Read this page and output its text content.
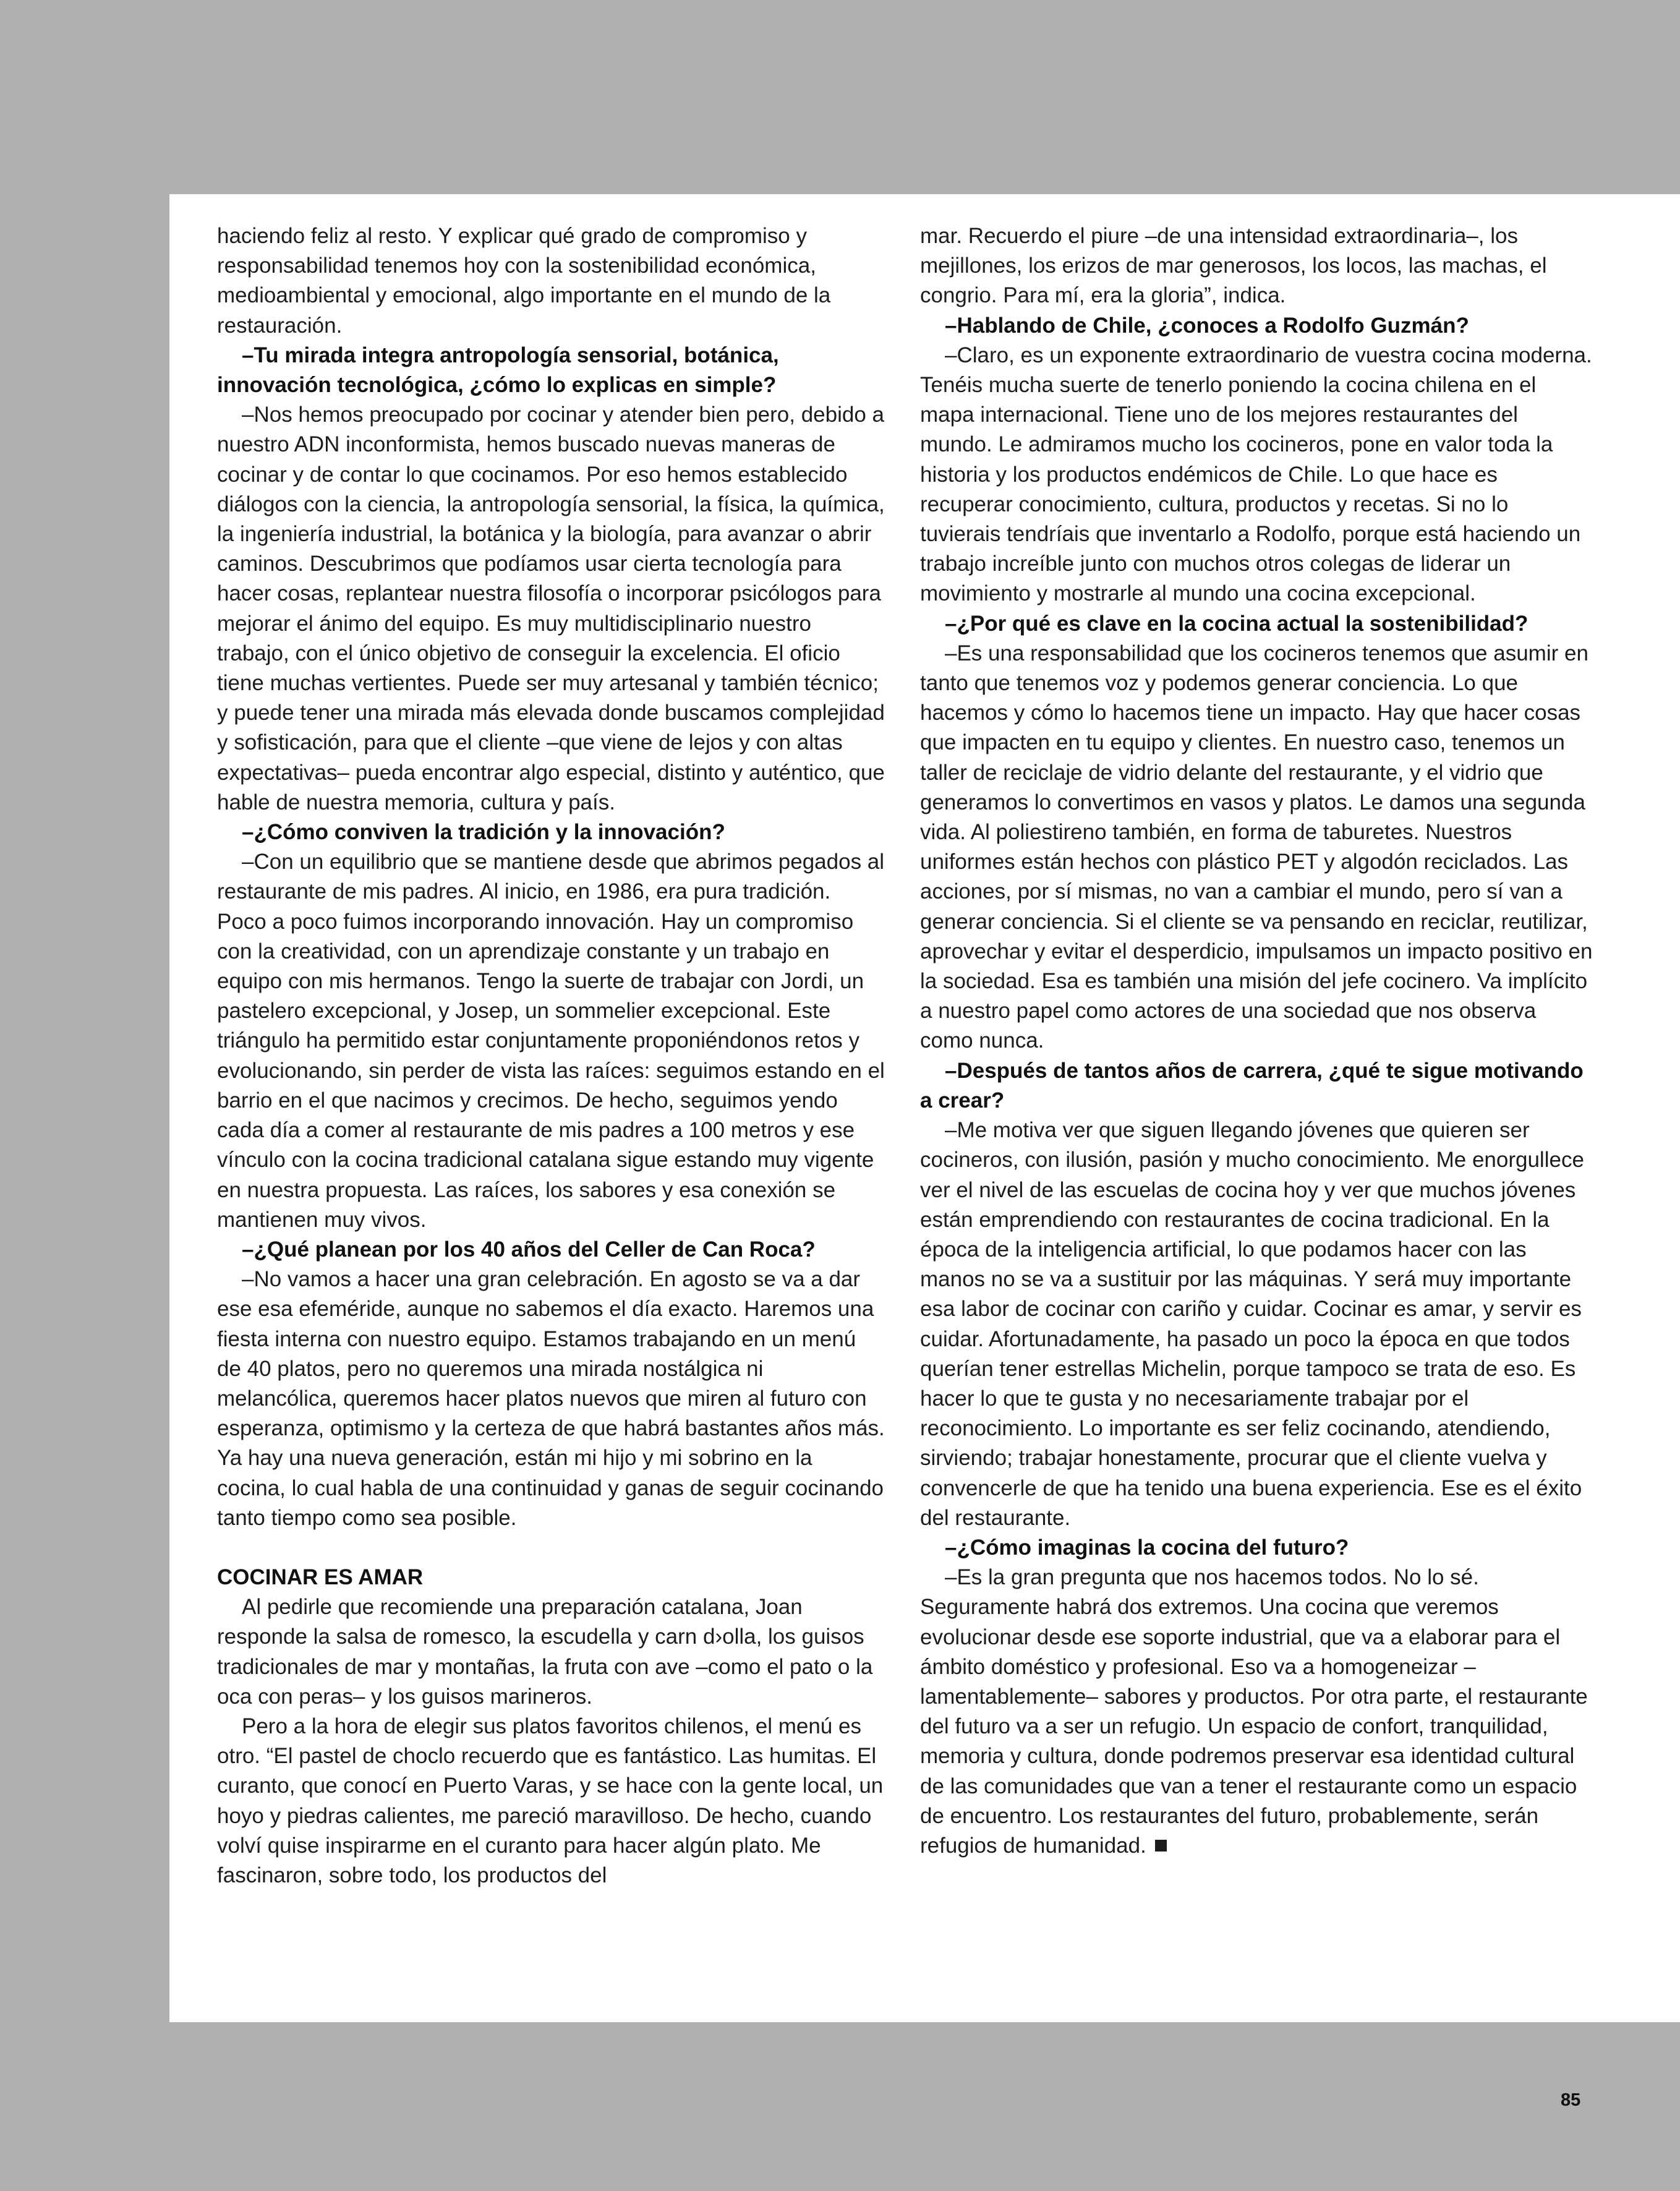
haciendo feliz al resto. Y explicar qué grado de compromiso y responsabilidad tenemos hoy con la sostenibilidad económica, medioambiental y emocional, algo importante en el mundo de la restauración.

–Tu mirada integra antropología sensorial, botánica, innovación tecnológica, ¿cómo lo explicas en simple?

–Nos hemos preocupado por cocinar y atender bien pero, debido a nuestro ADN inconformista, hemos buscado nuevas maneras de cocinar y de contar lo que cocinamos. Por eso hemos establecido diálogos con la ciencia, la antropología sensorial, la física, la química, la ingeniería industrial, la botánica y la biología, para avanzar o abrir caminos. Descubrimos que podíamos usar cierta tecnología para hacer cosas, replantear nuestra filosofía o incorporar psicólogos para mejorar el ánimo del equipo. Es muy multidisciplinario nuestro trabajo, con el único objetivo de conseguir la excelencia. El oficio tiene muchas vertientes. Puede ser muy artesanal y también técnico; y puede tener una mirada más elevada donde buscamos complejidad y sofisticación, para que el cliente –que viene de lejos y con altas expectativas– pueda encontrar algo especial, distinto y auténtico, que hable de nuestra memoria, cultura y país.

–¿Cómo conviven la tradición y la innovación?

–Con un equilibrio que se mantiene desde que abrimos pegados al restaurante de mis padres. Al inicio, en 1986, era pura tradición. Poco a poco fuimos incorporando innovación. Hay un compromiso con la creatividad, con un aprendizaje constante y un trabajo en equipo con mis hermanos. Tengo la suerte de trabajar con Jordi, un pastelero excepcional, y Josep, un sommelier excepcional. Este triángulo ha permitido estar conjuntamente proponiéndonos retos y evolucionando, sin perder de vista las raíces: seguimos estando en el barrio en el que nacimos y crecimos. De hecho, seguimos yendo cada día a comer al restaurante de mis padres a 100 metros y ese vínculo con la cocina tradicional catalana sigue estando muy vigente en nuestra propuesta. Las raíces, los sabores y esa conexión se mantienen muy vivos.

–¿Qué planean por los 40 años del Celler de Can Roca?

–No vamos a hacer una gran celebración. En agosto se va a dar ese esa efeméride, aunque no sabemos el día exacto. Haremos una fiesta interna con nuestro equipo. Estamos trabajando en un menú de 40 platos, pero no queremos una mirada nostálgica ni melancólica, queremos hacer platos nuevos que miren al futuro con esperanza, optimismo y la certeza de que habrá bastantes años más. Ya hay una nueva generación, están mi hijo y mi sobrino en la cocina, lo cual habla de una continuidad y ganas de seguir cocinando tanto tiempo como sea posible.

COCINAR ES AMAR

Al pedirle que recomiende una preparación catalana, Joan responde la salsa de romesco, la escudella y carn d›olla, los guisos tradicionales de mar y montañas, la fruta con ave –como el pato o la oca con peras– y los guisos marineros.

Pero a la hora de elegir sus platos favoritos chilenos, el menú es otro. “El pastel de choclo recuerdo que es fantástico. Las humitas. El curanto, que conocí en Puerto Varas, y se hace con la gente local, un hoyo y piedras calientes, me pareció maravilloso. De hecho, cuando volví quise inspirarme en el curanto para hacer algún plato. Me fascinaron, sobre todo, los productos del

mar. Recuerdo el piure –de una intensidad extraordinaria–, los mejillones, los erizos de mar generosos, los locos, las machas, el congrio. Para mí, era la gloria”, indica.

–Hablando de Chile, ¿conoces a Rodolfo Guzmán?

–Claro, es un exponente extraordinario de vuestra cocina moderna. Tenéis mucha suerte de tenerlo poniendo la cocina chilena en el mapa internacional. Tiene uno de los mejores restaurantes del mundo. Le admiramos mucho los cocineros, pone en valor toda la historia y los productos endémicos de Chile. Lo que hace es recuperar conocimiento, cultura, productos y recetas. Si no lo tuvierais tendríais que inventarlo a Rodolfo, porque está haciendo un trabajo increíble junto con muchos otros colegas de liderar un movimiento y mostrarle al mundo una cocina excepcional.

–¿Por qué es clave en la cocina actual la sostenibilidad?

–Es una responsabilidad que los cocineros tenemos que asumir en tanto que tenemos voz y podemos generar conciencia. Lo que hacemos y cómo lo hacemos tiene un impacto. Hay que hacer cosas que impacten en tu equipo y clientes. En nuestro caso, tenemos un taller de reciclaje de vidrio delante del restaurante, y el vidrio que generamos lo convertimos en vasos y platos. Le damos una segunda vida. Al poliestireno también, en forma de taburetes. Nuestros uniformes están hechos con plástico PET y algodón reciclados. Las acciones, por sí mismas, no van a cambiar el mundo, pero sí van a generar conciencia. Si el cliente se va pensando en reciclar, reutilizar, aprovechar y evitar el desperdicio, impulsamos un impacto positivo en la sociedad. Esa es también una misión del jefe cocinero. Va implícito a nuestro papel como actores de una sociedad que nos observa como nunca.

–Después de tantos años de carrera, ¿qué te sigue motivando a crear?

–Me motiva ver que siguen llegando jóvenes que quieren ser cocineros, con ilusión, pasión y mucho conocimiento. Me enorgullece ver el nivel de las escuelas de cocina hoy y ver que muchos jóvenes están emprendiendo con restaurantes de cocina tradicional. En la época de la inteligencia artificial, lo que podamos hacer con las manos no se va a sustituir por las máquinas. Y será muy importante esa labor de cocinar con cariño y cuidar. Cocinar es amar, y servir es cuidar. Afortunadamente, ha pasado un poco la época en que todos querían tener estrellas Michelin, porque tampoco se trata de eso. Es hacer lo que te gusta y no necesariamente trabajar por el reconocimiento. Lo importante es ser feliz cocinando, atendiendo, sirviendo; trabajar honestamente, procurar que el cliente vuelva y convencerle de que ha tenido una buena experiencia. Ese es el éxito del restaurante.

–¿Cómo imaginas la cocina del futuro?

–Es la gran pregunta que nos hacemos todos. No lo sé. Seguramente habrá dos extremos. Una cocina que veremos evolucionar desde ese soporte industrial, que va a elaborar para el ámbito doméstico y profesional. Eso va a homogeneizar –lamentablemente– sabores y productos. Por otra parte, el restaurante del futuro va a ser un refugio. Un espacio de confort, tranquilidad, memoria y cultura, donde podremos preservar esa identidad cultural de las comunidades que van a tener el restaurante como un espacio de encuentro. Los restaurantes del futuro, probablemente, serán refugios de humanidad.

85
